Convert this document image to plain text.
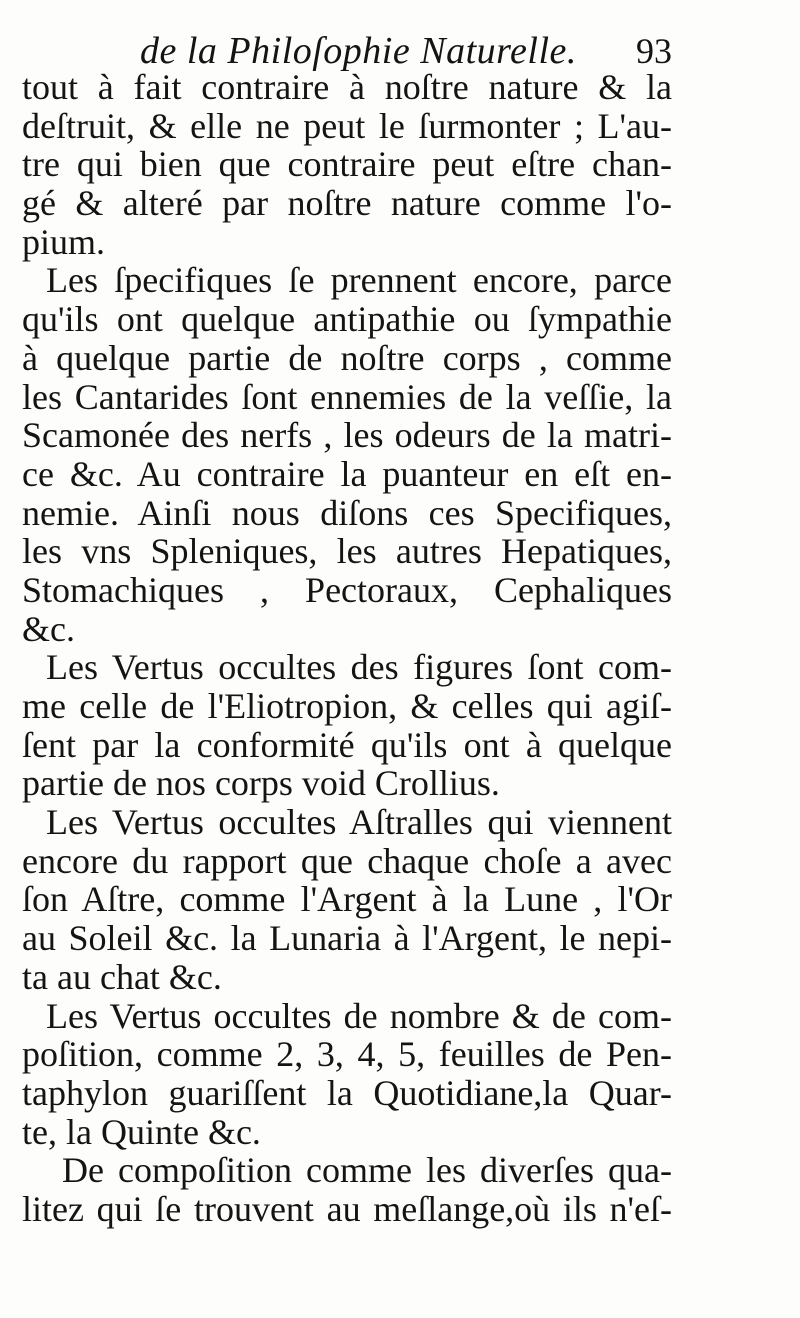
de la Philoſophie Naturelle. 93
tout à fait contraire à noſtre nature & la
deſtruit, & elle ne peut le ſurmonter ; L'au-
tre qui bien que contraire peut eſtre chan-
gé & alteré par noſtre nature comme l'o-
pium.
Les ſpecifiques ſe prennent encore, parce
qu'ils ont quelque antipathie ou ſympathie
à quelque partie de noſtre corps , comme
les Cantarides ſont ennemies de la veſſie, la
Scamonée des nerfs , les odeurs de la matri-
ce &c. Au contraire la puanteur en eſt en-
nemie. Ainſi nous diſons ces Specifiques,
les vns Spleniques, les autres Hepatiques,
Stomachiques , Pectoraux, Cephaliques
&c.
Les Vertus occultes des figures ſont com-
me celle de l'Eliotropion, & celles qui agiſ-
ſent par la conformité qu'ils ont à quelque
partie de nos corps void Crollius.
Les Vertus occultes Aſtralles qui viennent
encore du rapport que chaque choſe a avec
ſon Aſtre, comme l'Argent à la Lune , l'Or
au Soleil &c. la Lunaria à l'Argent, le nepi-
ta au chat &c.
Les Vertus occultes de nombre & de com-
poſition, comme 2, 3, 4, 5, feuilles de Pen-
taphylon guariſſent la Quotidiane,la Quar-
te, la Quinte &c.
De compoſition comme les diverſes qua-
litez qui ſe trouvent au meſlange,où ils n'eſ-
